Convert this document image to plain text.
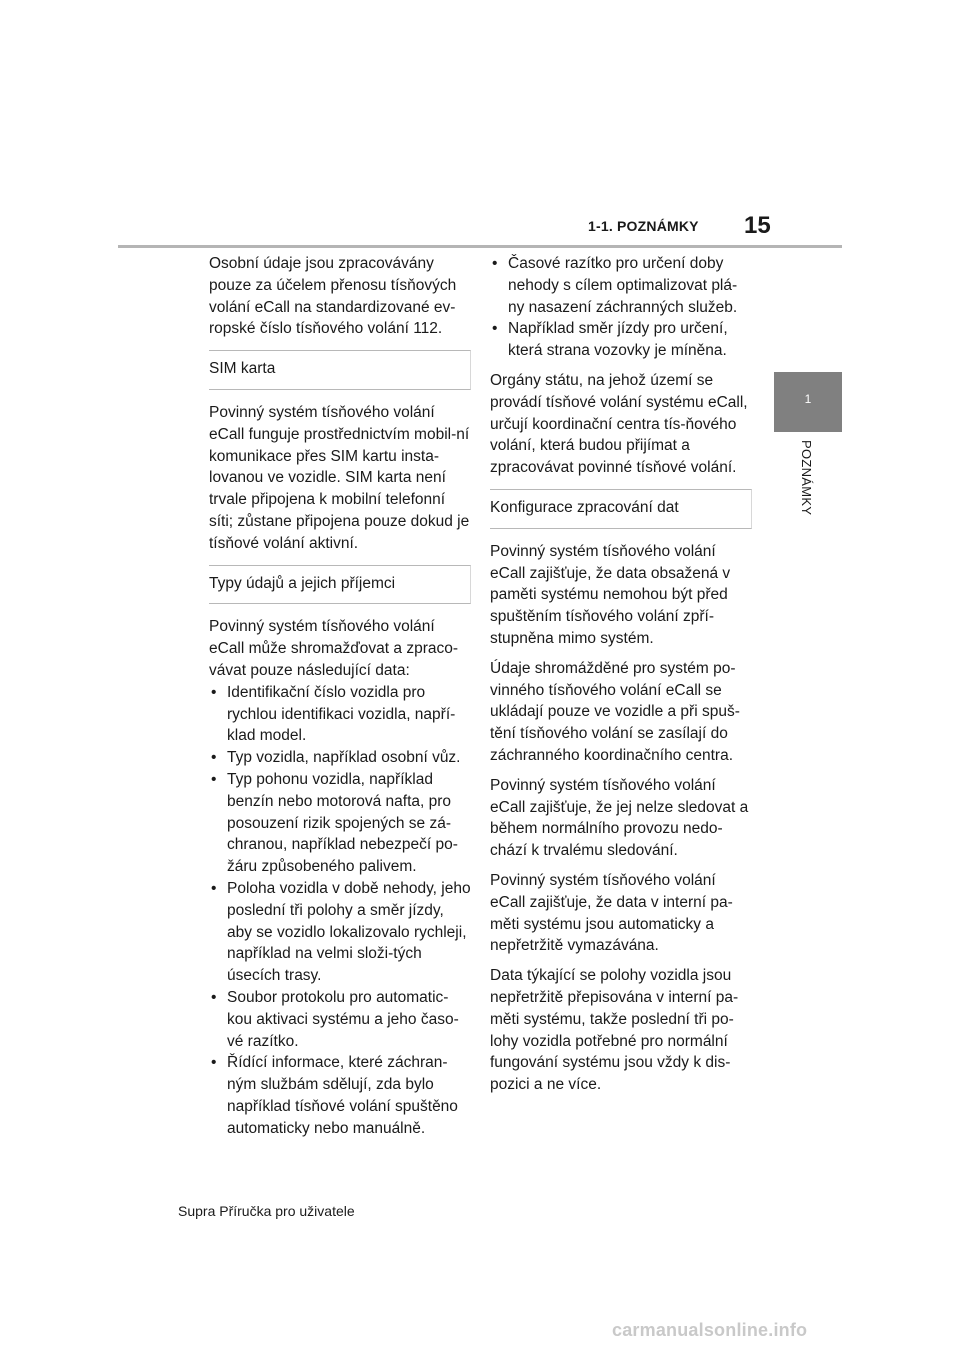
1-1. POZNÁMKY 15
1
POZNÁMKY

Osobní údaje jsou zpracovávány pouze za účelem přenosu tísňových volání eCall na standardizované ev-ropské číslo tísňového volání 112.

SIM karta

Povinný systém tísňového volání eCall funguje prostřednictvím mobil-ní komunikace přes SIM kartu insta-lovanou ve vozidle. SIM karta není trvale připojena k mobilní telefonní síti; zůstane připojena pouze dokud je tísňové volání aktivní.

Typy údajů a jejich příjemci

Povinný systém tísňového volání eCall může shromažďovat a zpraco-vávat pouze následující data:

• Identifikační číslo vozidla pro rychlou identifikaci vozidla, napří-klad model.
• Typ vozidla, například osobní vůz.
• Typ pohonu vozidla, například benzín nebo motorová nafta, pro posouzení rizik spojených se zá-chranou, například nebezpečí po-žáru způsobeného palivem.
• Poloha vozidla v době nehody, jeho poslední tři polohy a směr jízdy, aby se vozidlo lokalizovalo rychleji, například na velmi složi-tých úsecích trasy.
• Soubor protokolu pro automatic-kou aktivaci systému a jeho časo-vé razítko.
• Řídící informace, které záchran-ným službám sdělují, zda bylo například tísňové volání spuštěno automaticky nebo manuálně.
• Časové razítko pro určení doby nehody s cílem optimalizovat plá-ny nasazení záchranných služeb.
• Například směr jízdy pro určení, která strana vozovky je míněna.

Orgány státu, na jehož území se provádí tísňové volání systému eCall, určují koordinační centra tís-ňového volání, která budou přijímat a zpracovávat povinné tísňové volání.

Konfigurace zpracování dat

Povinný systém tísňového volání eCall zajišťuje, že data obsažená v paměti systému nemohou být před spuštěním tísňového volání zpří-stupněna mimo systém.

Údaje shromážděné pro systém po-vinného tísňového volání eCall se ukládají pouze ve vozidle a při spuš-tění tísňového volání se zasílají do záchranného koordinačního centra.

Povinný systém tísňového volání eCall zajišťuje, že jej nelze sledovat a během normálního provozu nedo-chází k trvalému sledování.

Povinný systém tísňového volání eCall zajišťuje, že data v interní pa-měti systému jsou automaticky a nepřetržitě vymazávána.

Data týkající se polohy vozidla jsou nepřetržitě přepisována v interní pa-měti systému, takže poslední tři po-lohy vozidla potřebné pro normální fungování systému jsou vždy k dis-pozici a ne více.

Supra Příručka pro uživatele
carmanualsonline.info
